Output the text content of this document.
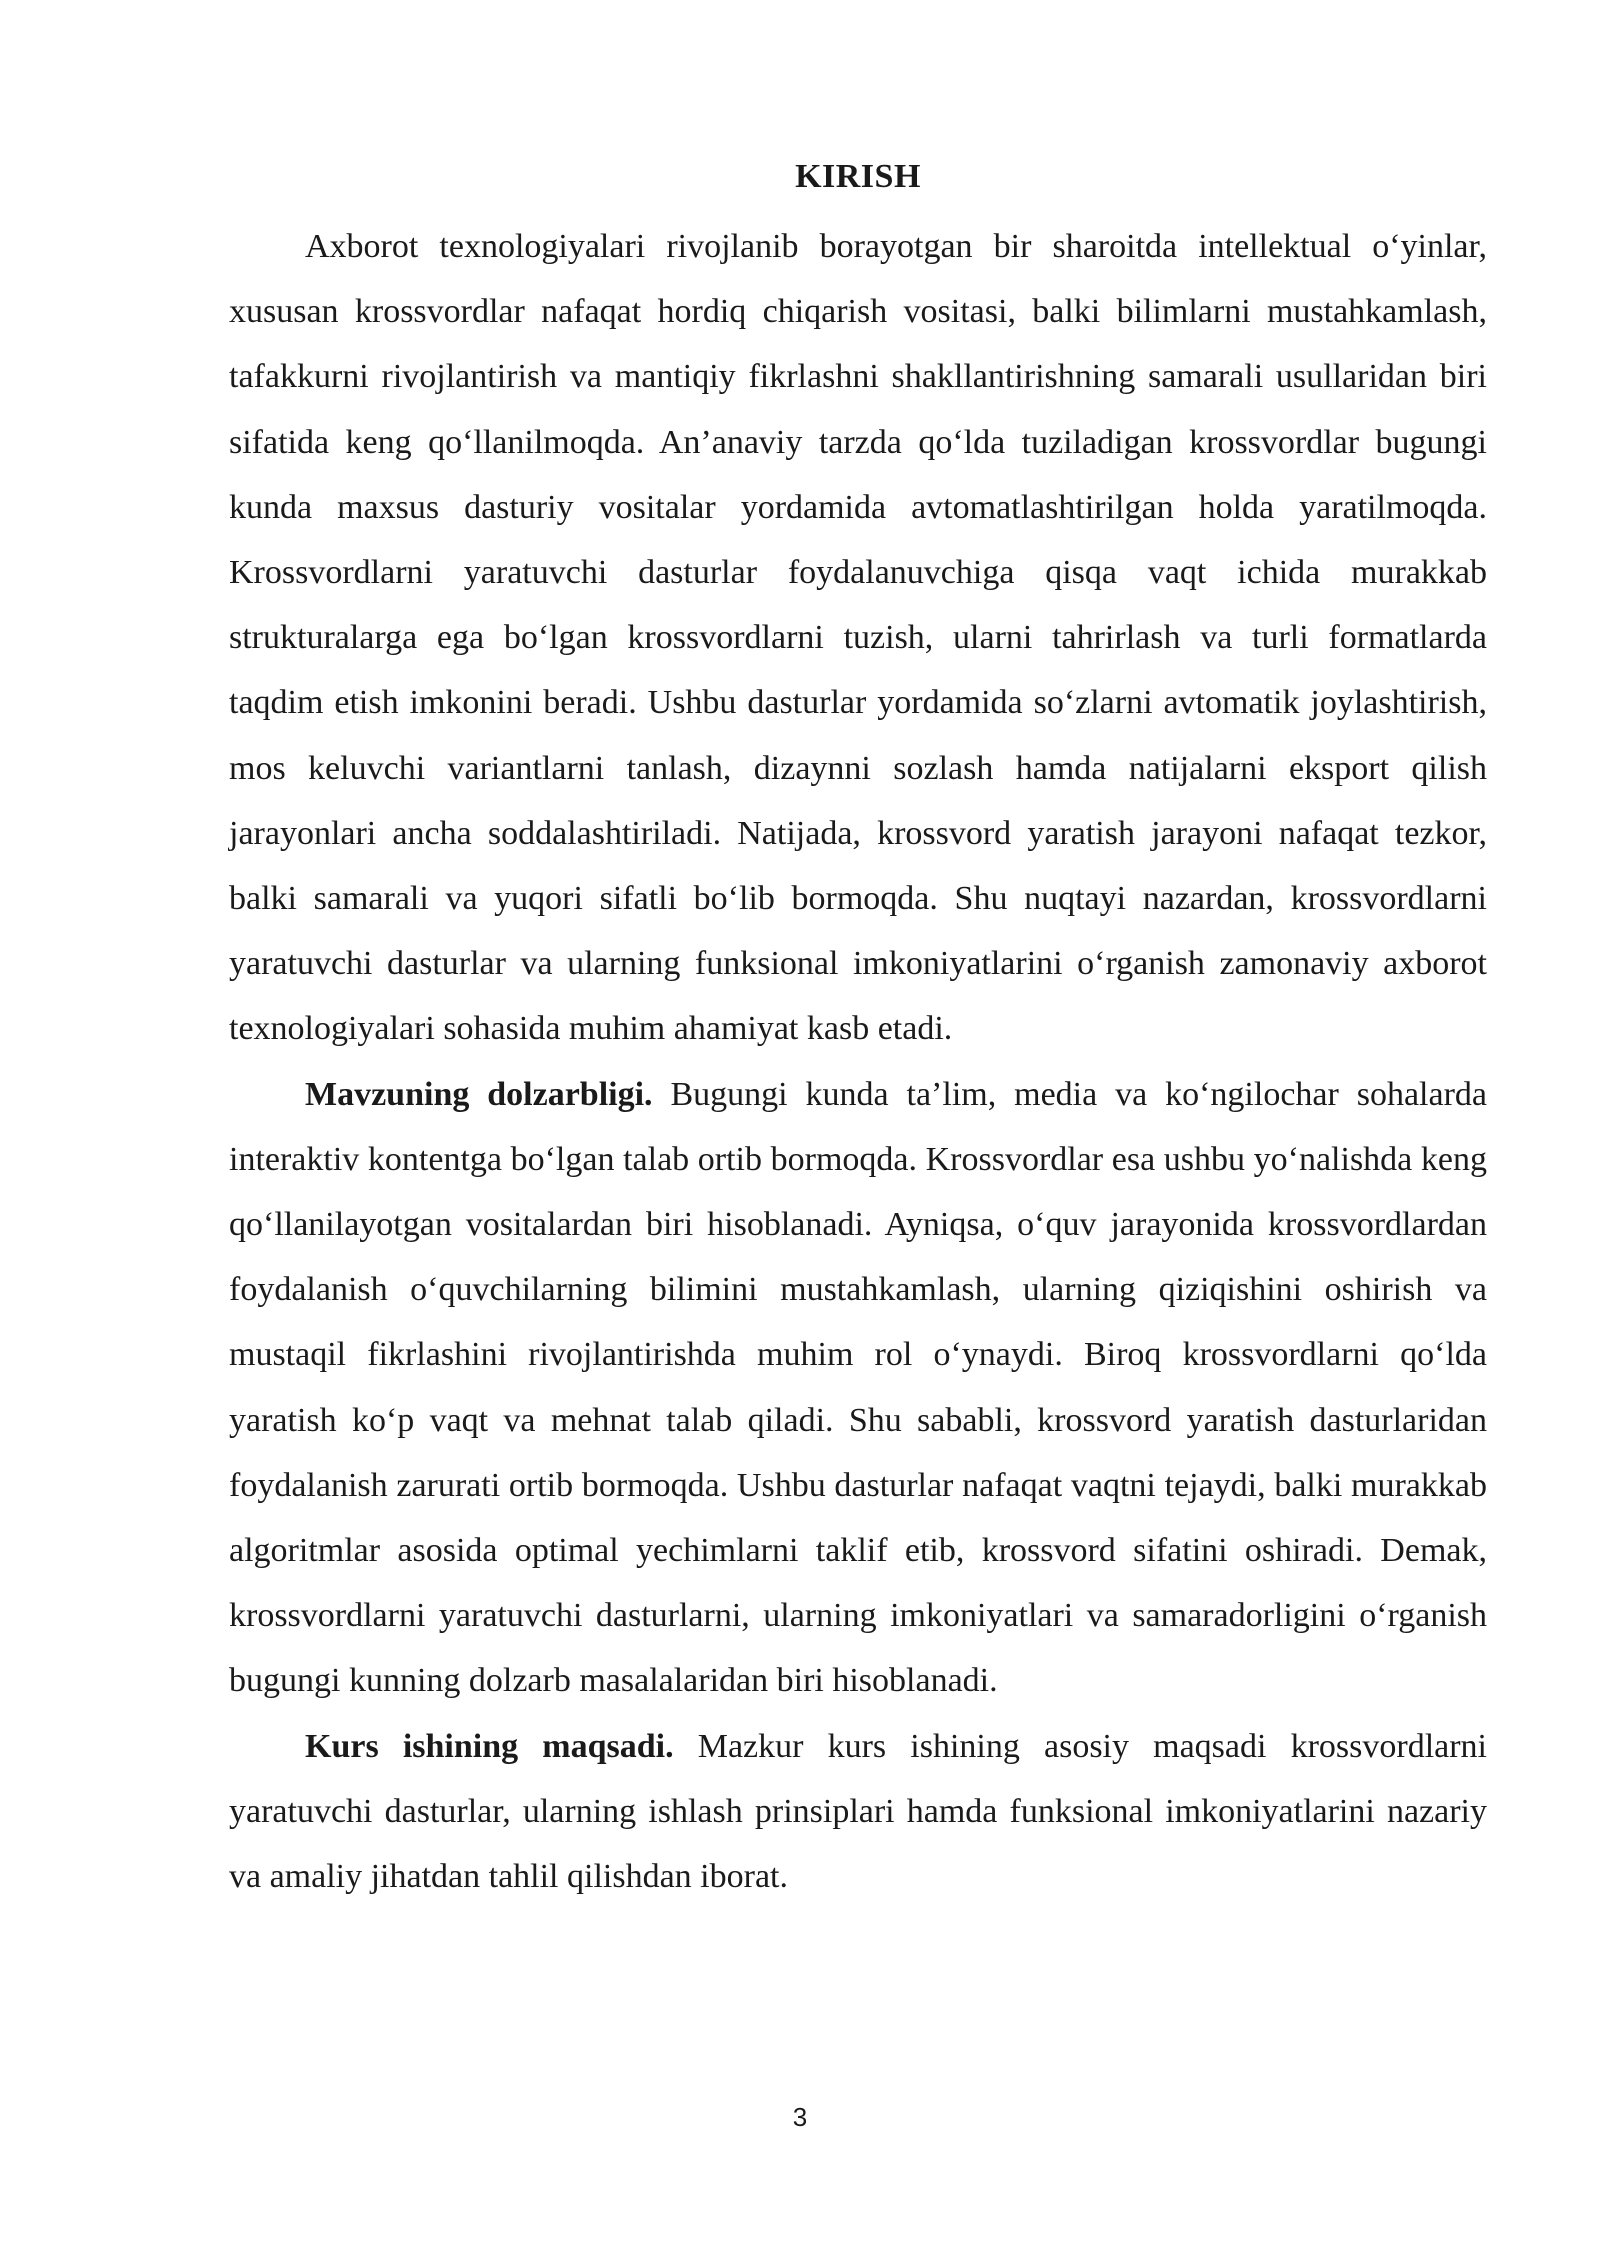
KIRISH

Axborot texnologiyalari rivojlanib borayotgan bir sharoitda intellektual o‘yinlar, xususan krossvordlar nafaqat hordiq chiqarish vositasi, balki bilimlarni mustahkamlash, tafakkurni rivojlantirish va mantiqiy fikrlashni shakllantirishning samarali usullaridan biri sifatida keng qo‘llanilmoqda. An’anaviy tarzda qo‘lda tuziladigan krossvordlar bugungi kunda maxsus dasturiy vositalar yordamida avtomatlashtirilgan holda yaratilmoqda. Krossvordlarni yaratuvchi dasturlar foydalanuvchiga qisqa vaqt ichida murakkab strukturalarga ega bo‘lgan krossvordlarni tuzish, ularni tahrirlash va turli formatlarda taqdim etish imkonini beradi. Ushbu dasturlar yordamida so‘zlarni avtomatik joylashtirish, mos keluvchi variantlarni tanlash, dizaynni sozlash hamda natijalarni eksport qilish jarayonlari ancha soddalashtiriladi. Natijada, krossvord yaratish jarayoni nafaqat tezkor, balki samarali va yuqori sifatli bo‘lib bormoqda. Shu nuqtayi nazardan, krossvordlarni yaratuvchi dasturlar va ularning funksional imkoniyatlarini o‘rganish zamonaviy axborot texnologiyalari sohasida muhim ahamiyat kasb etadi.

Mavzuning dolzarbligi. Bugungi kunda ta’lim, media va ko‘ngilochar sohalarda interaktiv kontentga bo‘lgan talab ortib bormoqda. Krossvordlar esa ushbu yo‘nalishda keng qo‘llanilayotgan vositalardan biri hisoblanadi. Ayniqsa, o‘quv jarayonida krossvordlardan foydalanish o‘quvchilarning bilimini mustahkamlash, ularning qiziqishini oshirish va mustaqil fikrlashini rivojlantirishda muhim rol o‘ynaydi. Biroq krossvordlarni qo‘lda yaratish ko‘p vaqt va mehnat talab qiladi. Shu sababli, krossvord yaratish dasturlaridan foydalanish zarurati ortib bormoqda. Ushbu dasturlar nafaqat vaqtni tejaydi, balki murakkab algoritmlar asosida optimal yechimlarni taklif etib, krossvord sifatini oshiradi. Demak, krossvordlarni yaratuvchi dasturlarni, ularning imkoniyatlari va samaradorligini o‘rganish bugungi kunning dolzarb masalalaridan biri hisoblanadi.

Kurs ishining maqsadi. Mazkur kurs ishining asosiy maqsadi krossvordlarni yaratuvchi dasturlar, ularning ishlash prinsiplari hamda funksional imkoniyatlarini nazariy va amaliy jihatdan tahlil qilishdan iborat.

3
